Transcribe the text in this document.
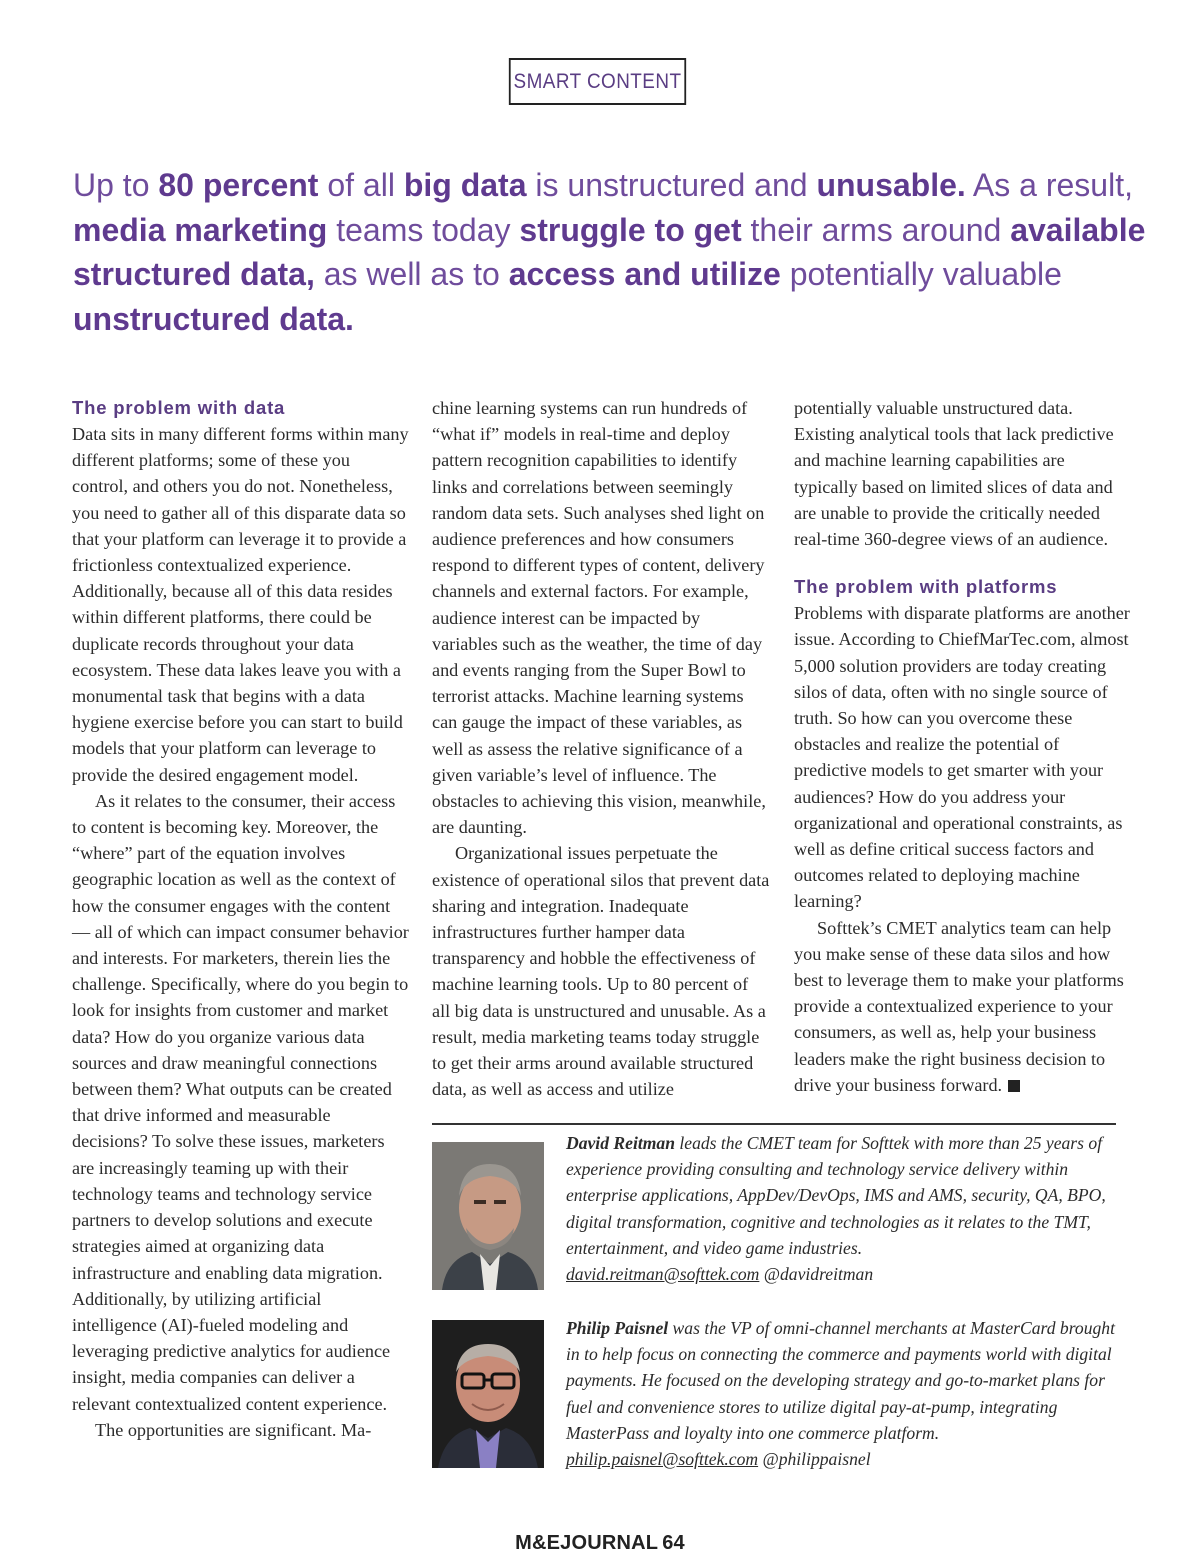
SMART CONTENT

Up to 80 percent of all big data is unstructured and unusable. As a result, media marketing teams today struggle to get their arms around available structured data, as well as to access and utilize potentially valuable unstructured data.

The problem with data

Data sits in many different forms within many different platforms; some of these you control, and others you do not. Nonetheless, you need to gather all of this disparate data so that your platform can leverage it to provide a frictionless contextualized experience. Additionally, because all of this data resides within different platforms, there could be duplicate records throughout your data ecosystem. These data lakes leave you with a monumental task that begins with a data hygiene exercise before you can start to build models that your platform can leverage to provide the desired engagement model.

As it relates to the consumer, their access to content is becoming key. Moreover, the “where” part of the equation involves geographic location as well as the context of how the consumer engages with the content — all of which can impact consumer behavior and interests. For marketers, therein lies the challenge. Specifically, where do you begin to look for insights from customer and market data? How do you organize various data sources and draw meaningful connections between them? What outputs can be created that drive informed and measurable decisions? To solve these issues, marketers are increasingly teaming up with their technology teams and technology service partners to develop solutions and execute strategies aimed at organizing data infrastructure and enabling data migration. Additionally, by utilizing artificial intelligence (AI)-fueled modeling and leveraging predictive analytics for audience insight, media companies can deliver a relevant contextualized content experience.

The opportunities are significant. Ma-

chine learning systems can run hundreds of “what if” models in real-time and deploy pattern recognition capabilities to identify links and correlations between seemingly random data sets. Such analyses shed light on audience preferences and how consumers respond to different types of content, delivery channels and external factors. For example, audience interest can be impacted by variables such as the weather, the time of day and events ranging from the Super Bowl to terrorist attacks. Machine learning systems can gauge the impact of these variables, as well as assess the relative significance of a given variable’s level of influence. The obstacles to achieving this vision, meanwhile, are daunting.

Organizational issues perpetuate the existence of operational silos that prevent data sharing and integration. Inadequate infrastructures further hamper data transparency and hobble the effectiveness of machine learning tools. Up to 80 percent of all big data is unstructured and unusable. As a result, media marketing teams today struggle to get their arms around available structured data, as well as access and utilize

potentially valuable unstructured data. Existing analytical tools that lack predictive and machine learning capabilities are typically based on limited slices of data and are unable to provide the critically needed real-time 360-degree views of an audience.

The problem with platforms

Problems with disparate platforms are another issue. According to ChiefMarTec.com, almost 5,000 solution providers are today creating silos of data, often with no single source of truth. So how can you overcome these obstacles and realize the potential of predictive models to get smarter with your audiences? How do you address your organizational and operational constraints, as well as define critical success factors and outcomes related to deploying machine learning?

Softtek’s CMET analytics team can help you make sense of these data silos and how best to leverage them to make your platforms provide a contextualized experience to your consumers, as well as, help your business leaders make the right business decision to drive your business forward.

David Reitman leads the CMET team for Softtek with more than 25 years of experience providing consulting and technology service delivery within enterprise applications, AppDev/DevOps, IMS and AMS, security, QA, BPO, digital transformation, cognitive and technologies as it relates to the TMT, entertainment, and video game industries.
david.reitman@softtek.com @davidreitman

Philip Paisnel was the VP of omni-channel merchants at MasterCard brought in to help focus on connecting the commerce and payments world with digital payments. He focused on the developing strategy and go-to-market plans for fuel and convenience stores to utilize digital pay-at-pump, integrating MasterPass and loyalty into one commerce platform.
philip.paisnel@softtek.com @philippaisnel

M&EJOURNAL 64
